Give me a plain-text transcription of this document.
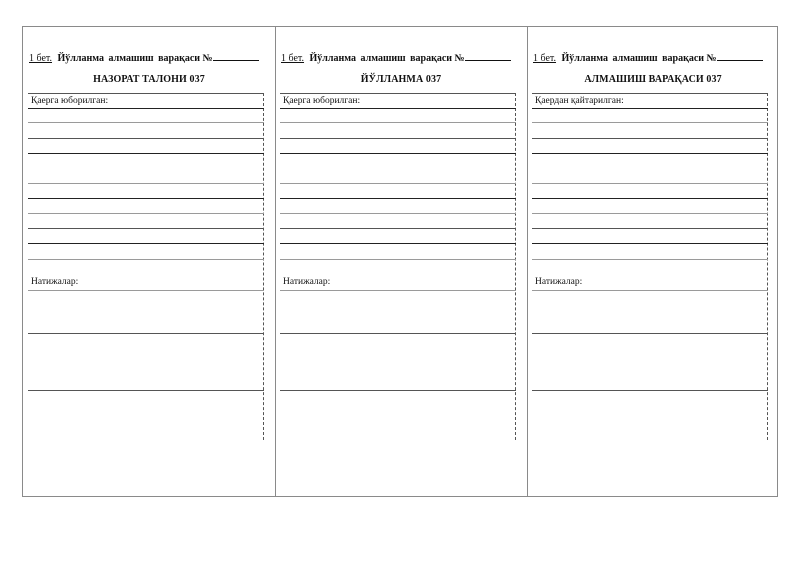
1 бет. Йўлланма алмашиш варақаси №
НАЗОРАТ ТАЛОНИ 037
Қаерга юборилган:
Натижалар:
1 бет. Йўлланма алмашиш варақаси №
ЙЎЛЛАНМА 037
Қаерга юборилган:
Натижалар:
1 бет. Йўлланма алмашиш варақаси №
АЛМАШИШ ВАРАҚАСИ 037
Қаердан қайтарилган:
Натижалар:
